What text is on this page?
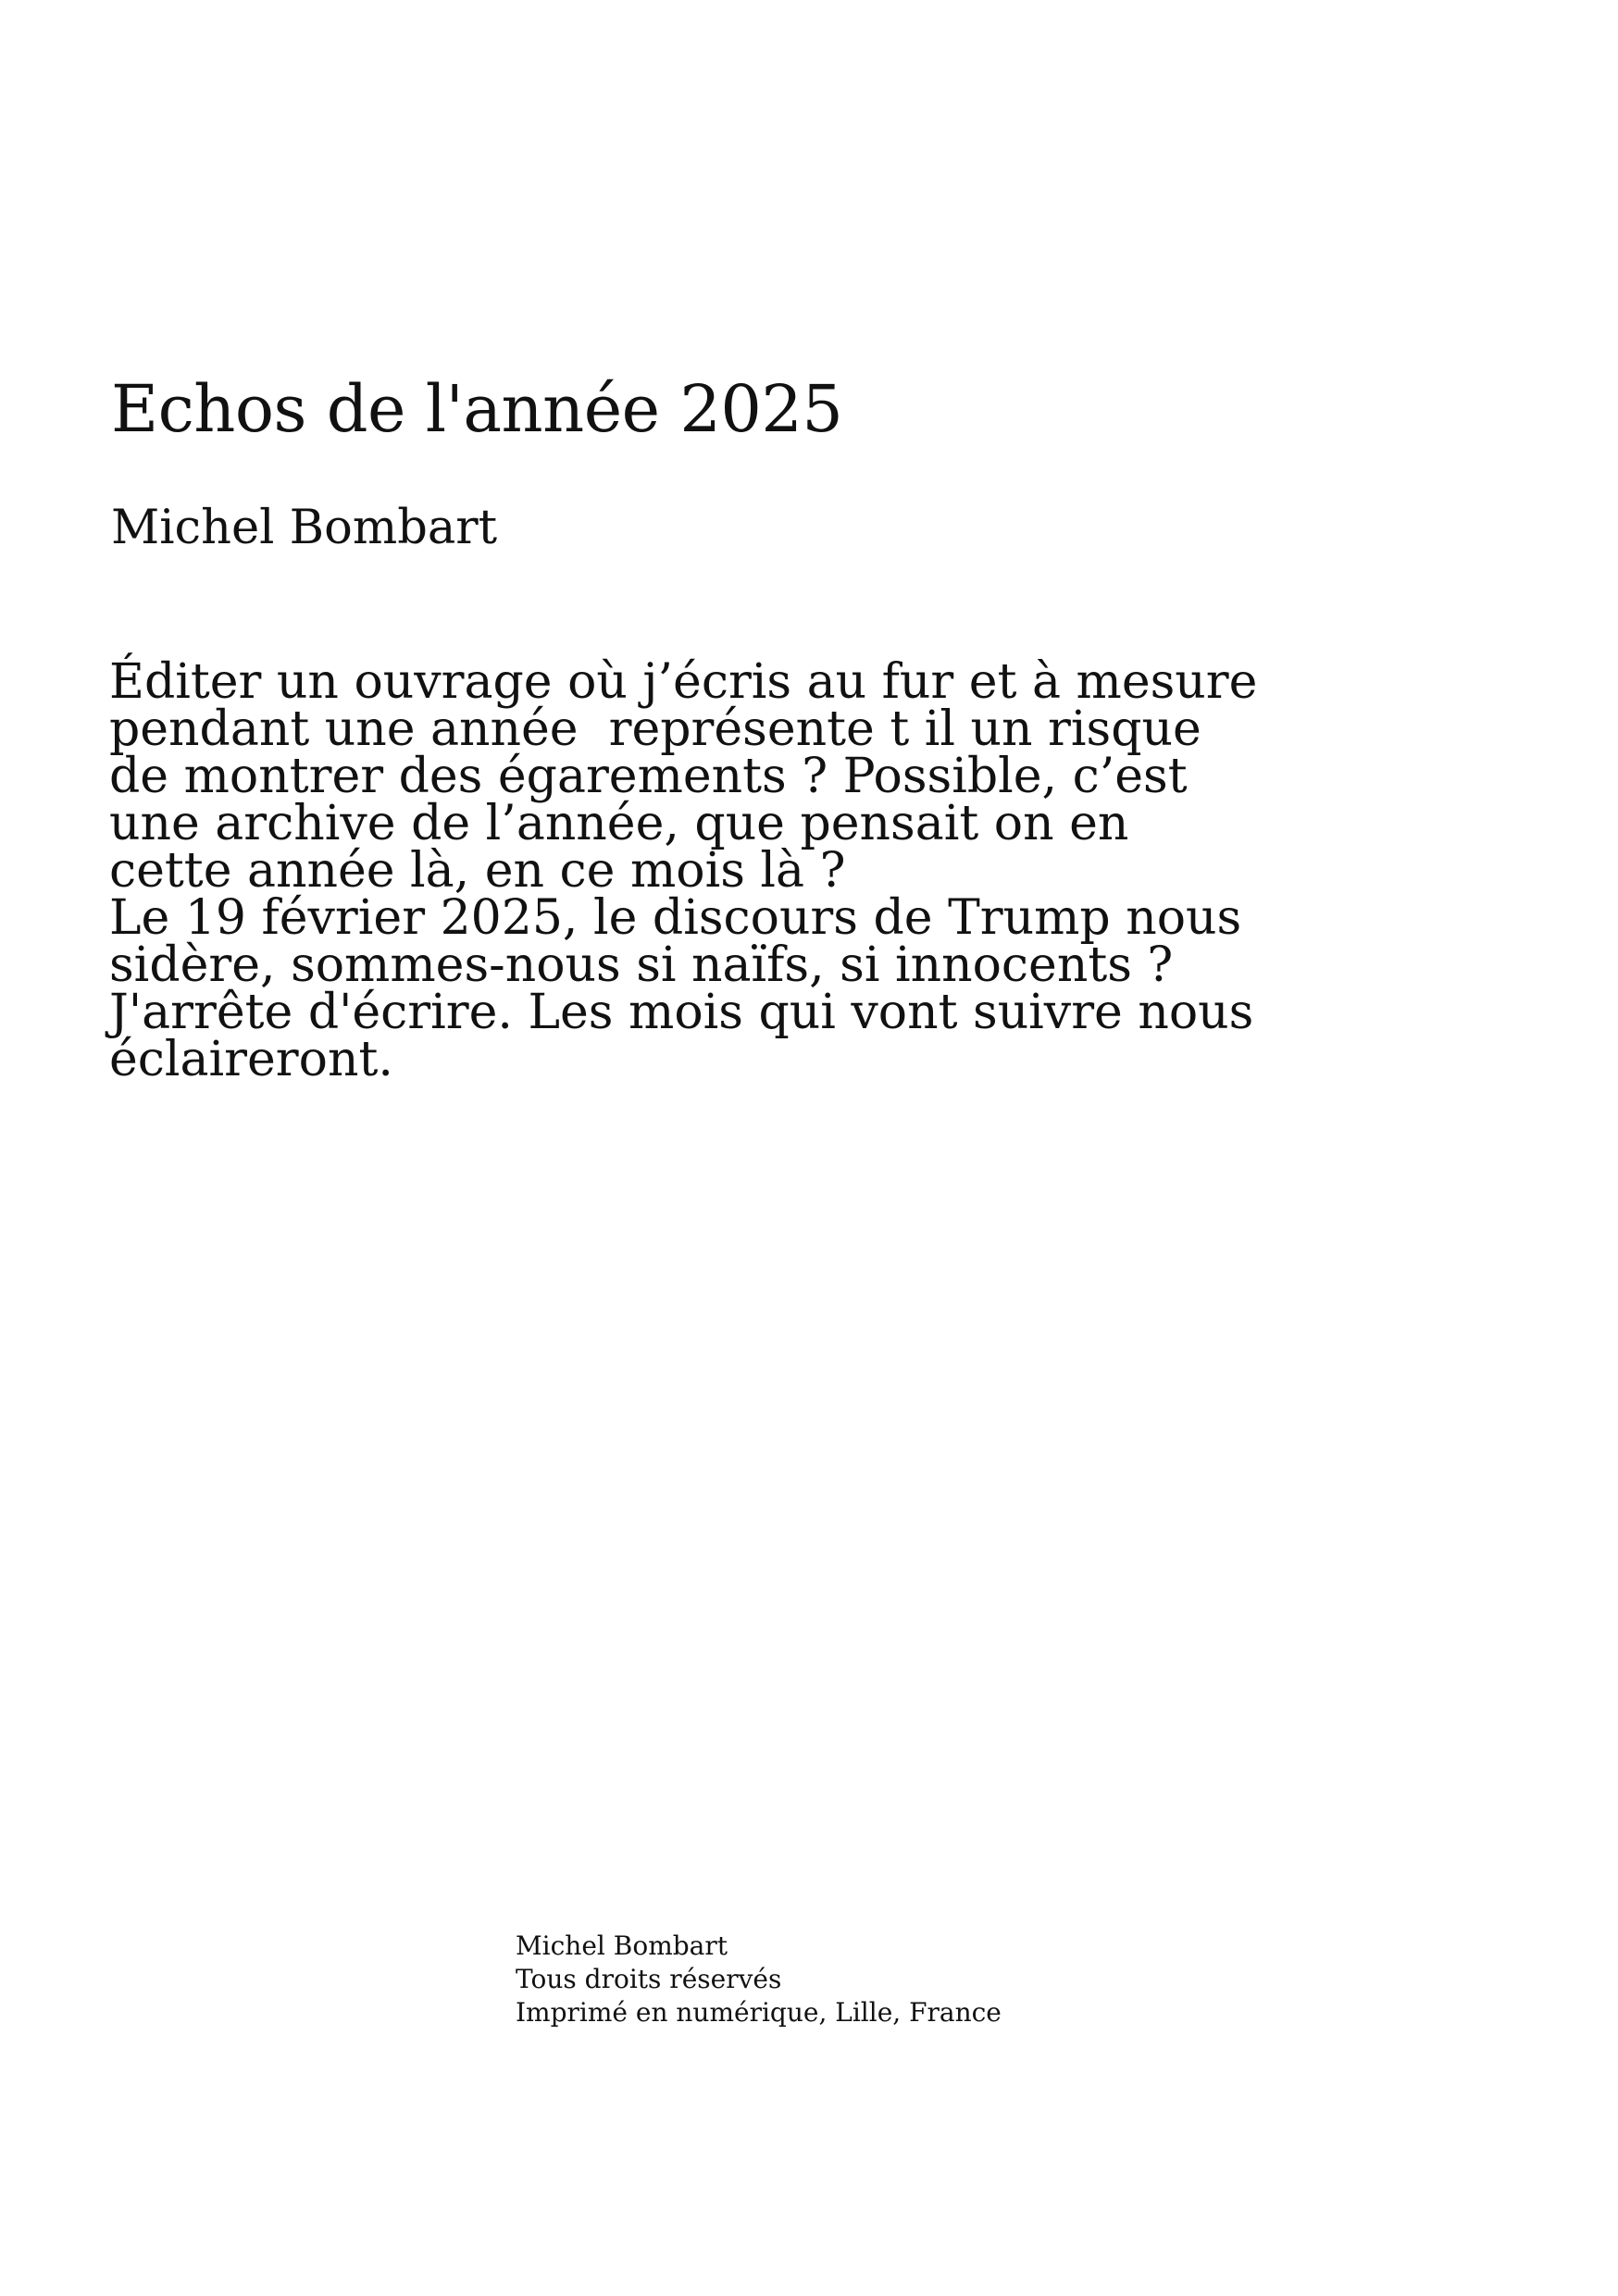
Echos de l'année 2025
Michel Bombart
Éditer un ouvrage où j’écris au fur et à mesure
pendant une année  représente t il un risque
de montrer des égarements ? Possible, c’est
une archive de l’année, que pensait on en
cette année là, en ce mois là ?
Le 19 février 2025, le discours de Trump nous
sidère, sommes-nous si naïfs, si innocents ?
J'arrête d'écrire. Les mois qui vont suivre nous
éclaireront.
Michel Bombart
Tous droits réservés
Imprimé en numérique, Lille, France
